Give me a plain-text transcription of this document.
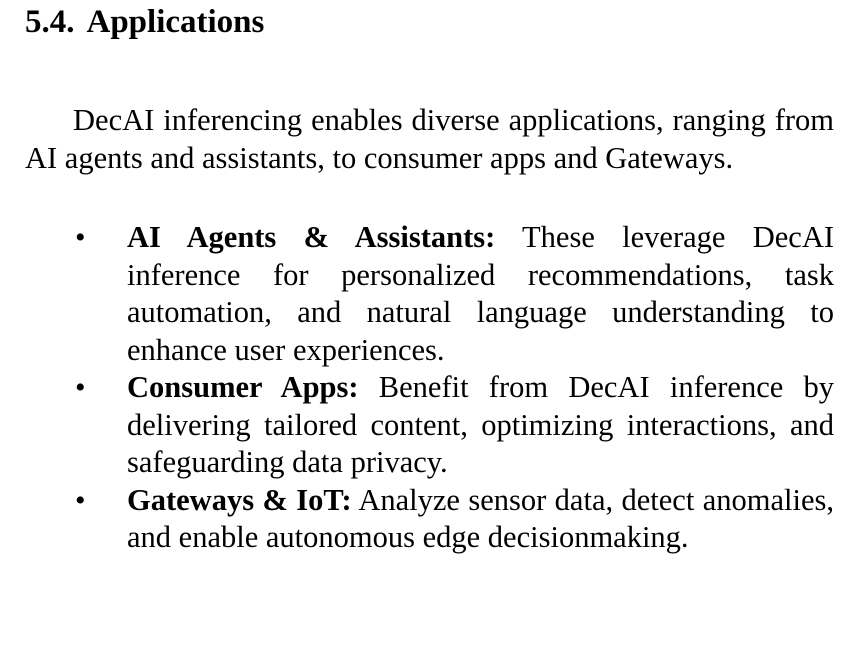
5.4. Applications

DecAI inferencing enables diverse applications, ranging from AI agents and assistants, to consumer apps and Gateways.

• AI Agents & Assistants: These leverage DecAI inference for personalized recommendations, task automation, and natural language understanding to enhance user experiences.
• Consumer Apps: Benefit from DecAI inference by delivering tailored content, optimizing interactions, and safeguarding data privacy.
• Gateways & IoT: Analyze sensor data, detect anomalies, and enable autonomous edge decisionmaking.
